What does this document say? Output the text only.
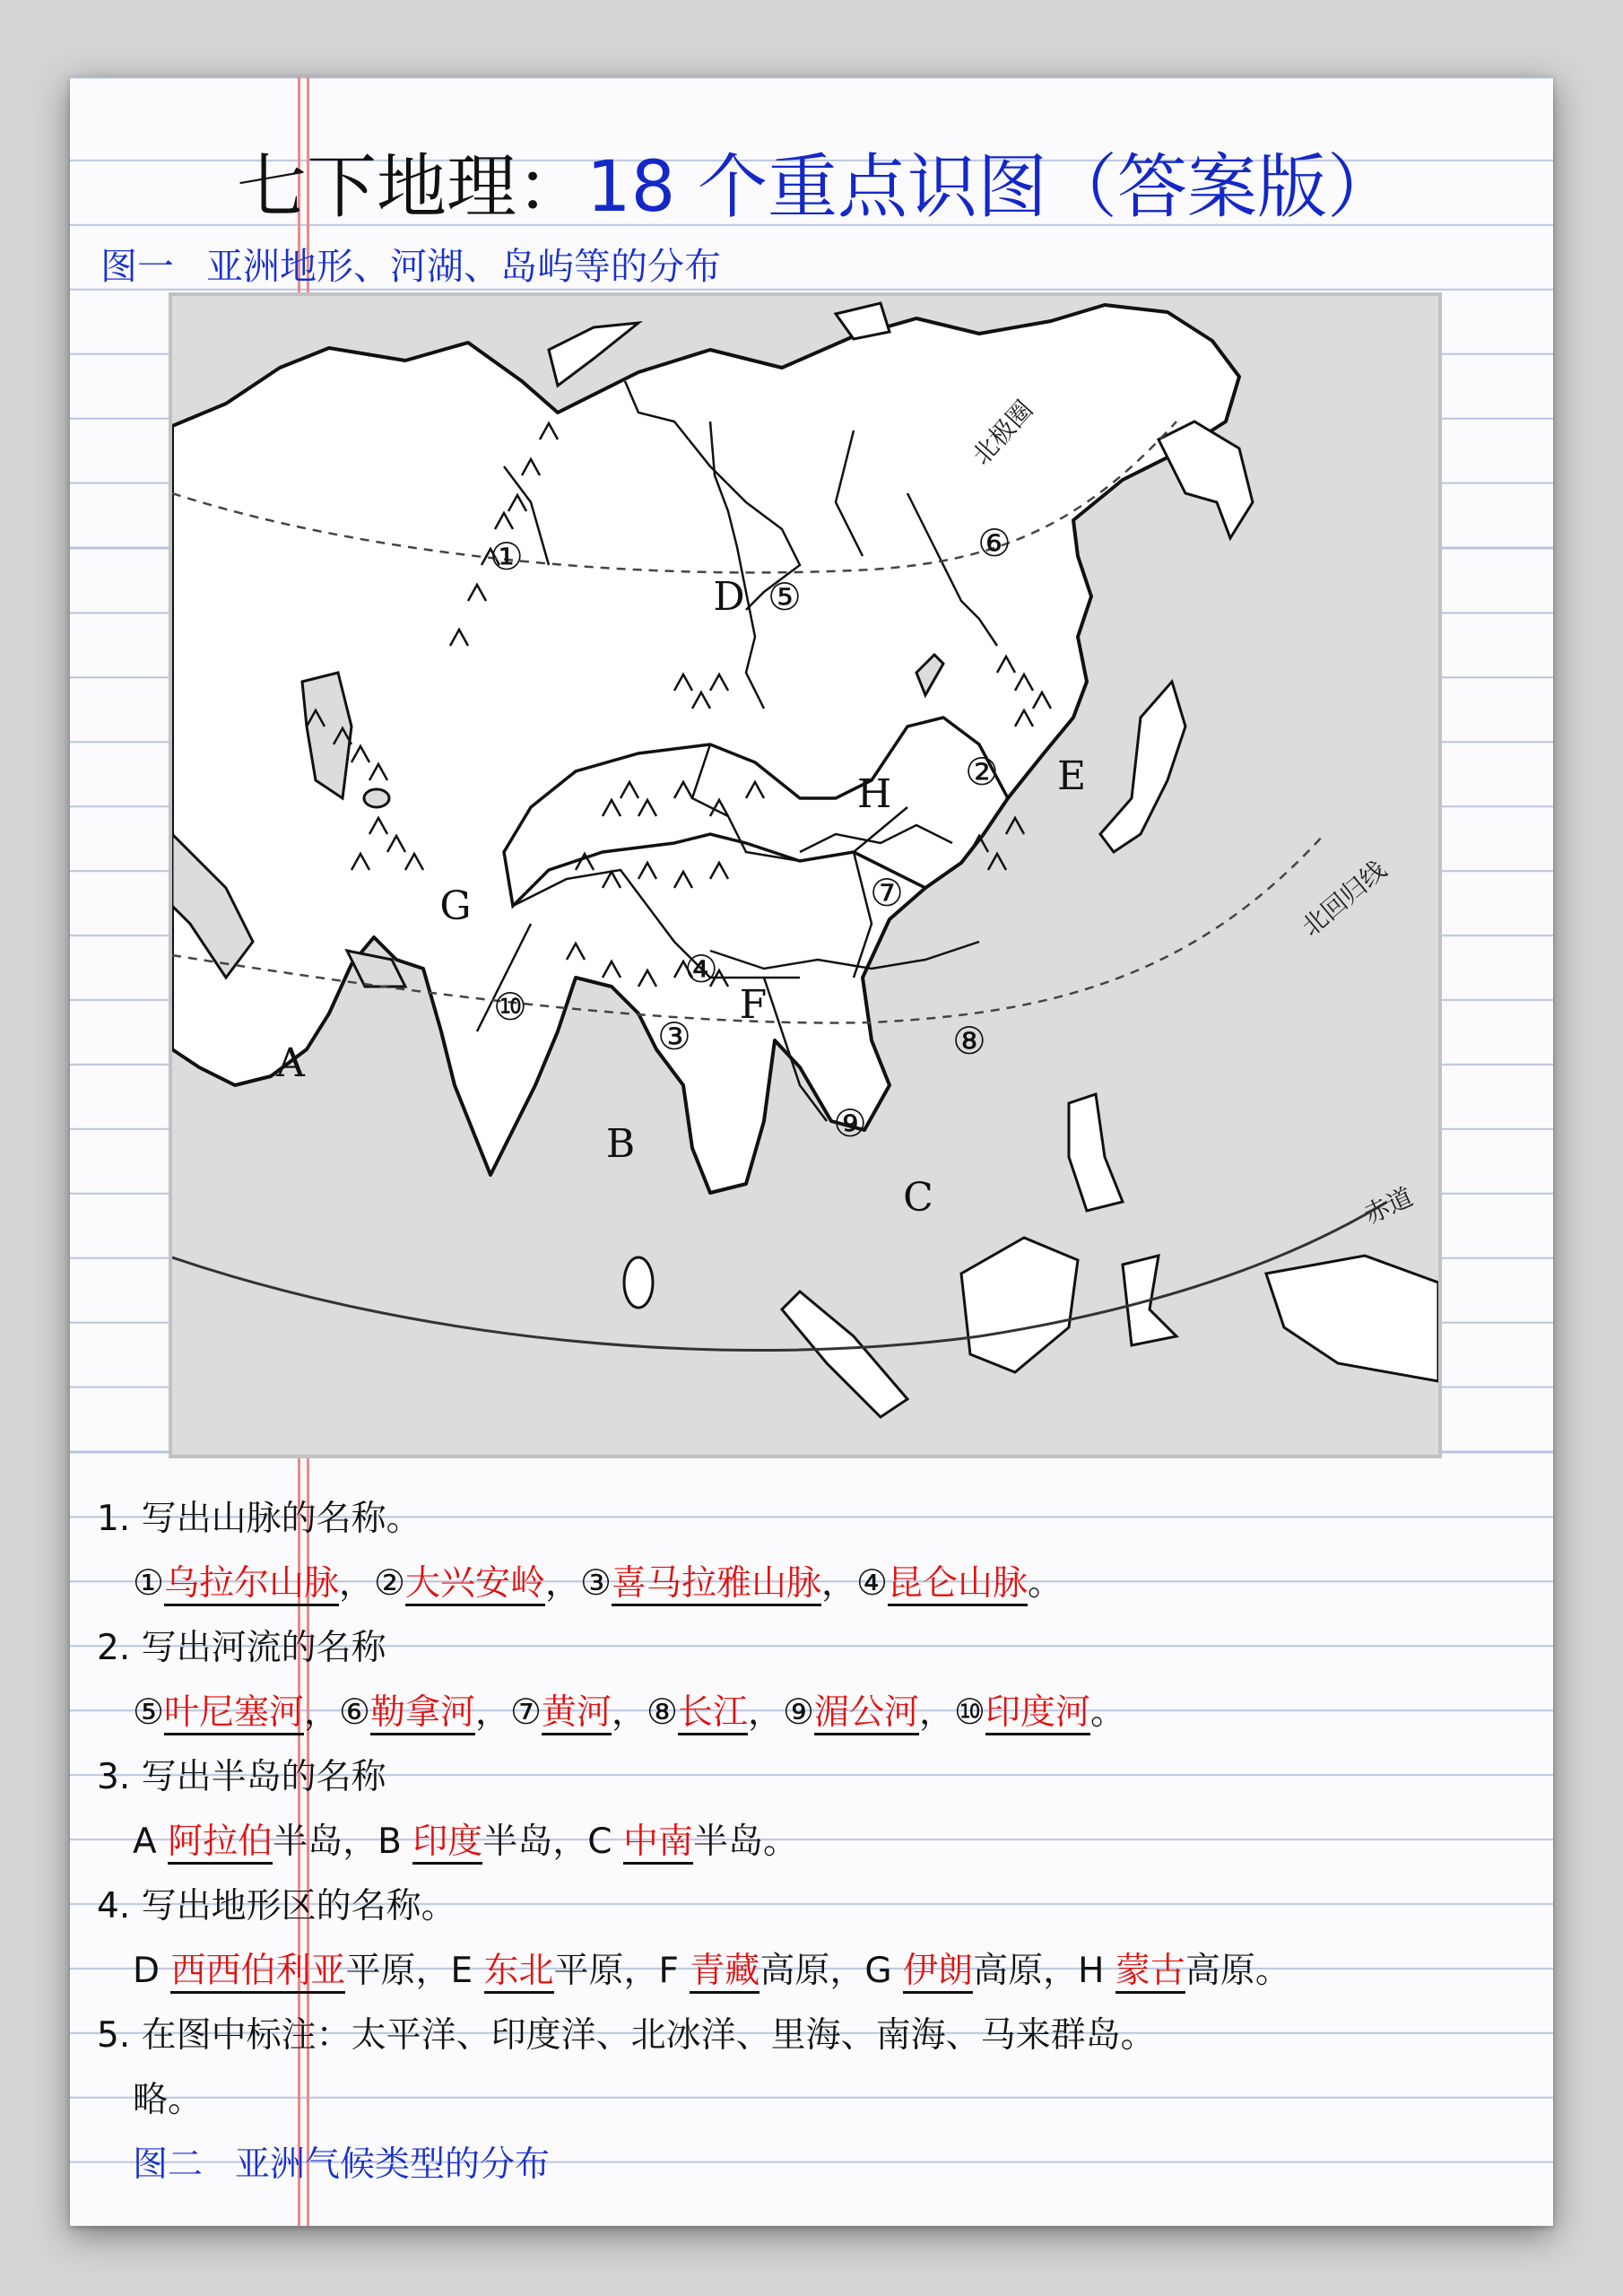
七下地理：18 个重点识图（答案版）
图一 亚洲地形、河湖、岛屿等的分布
北极圈
北回归线
赤道
①
②
③
④
⑤
⑥
⑦
⑧
⑨
⑩
A
B
C
D
E
F
G
H
1. 写出山脉的名称。
①乌拉尔山脉，②大兴安岭，③喜马拉雅山脉，④昆仑山脉。
2. 写出河流的名称
⑤叶尼塞河，⑥勒拿河，⑦黄河，⑧长江，⑨湄公河，⑩印度河。
3. 写出半岛的名称
A 阿拉伯半岛，B 印度半岛，C 中南半岛。
4. 写出地形区的名称。
D 西西伯利亚平原，E 东北平原，F 青藏高原，G 伊朗高原，H 蒙古高原。
5. 在图中标注：太平洋、印度洋、北冰洋、里海、南海、马来群岛。
略。
图二 亚洲气候类型的分布
